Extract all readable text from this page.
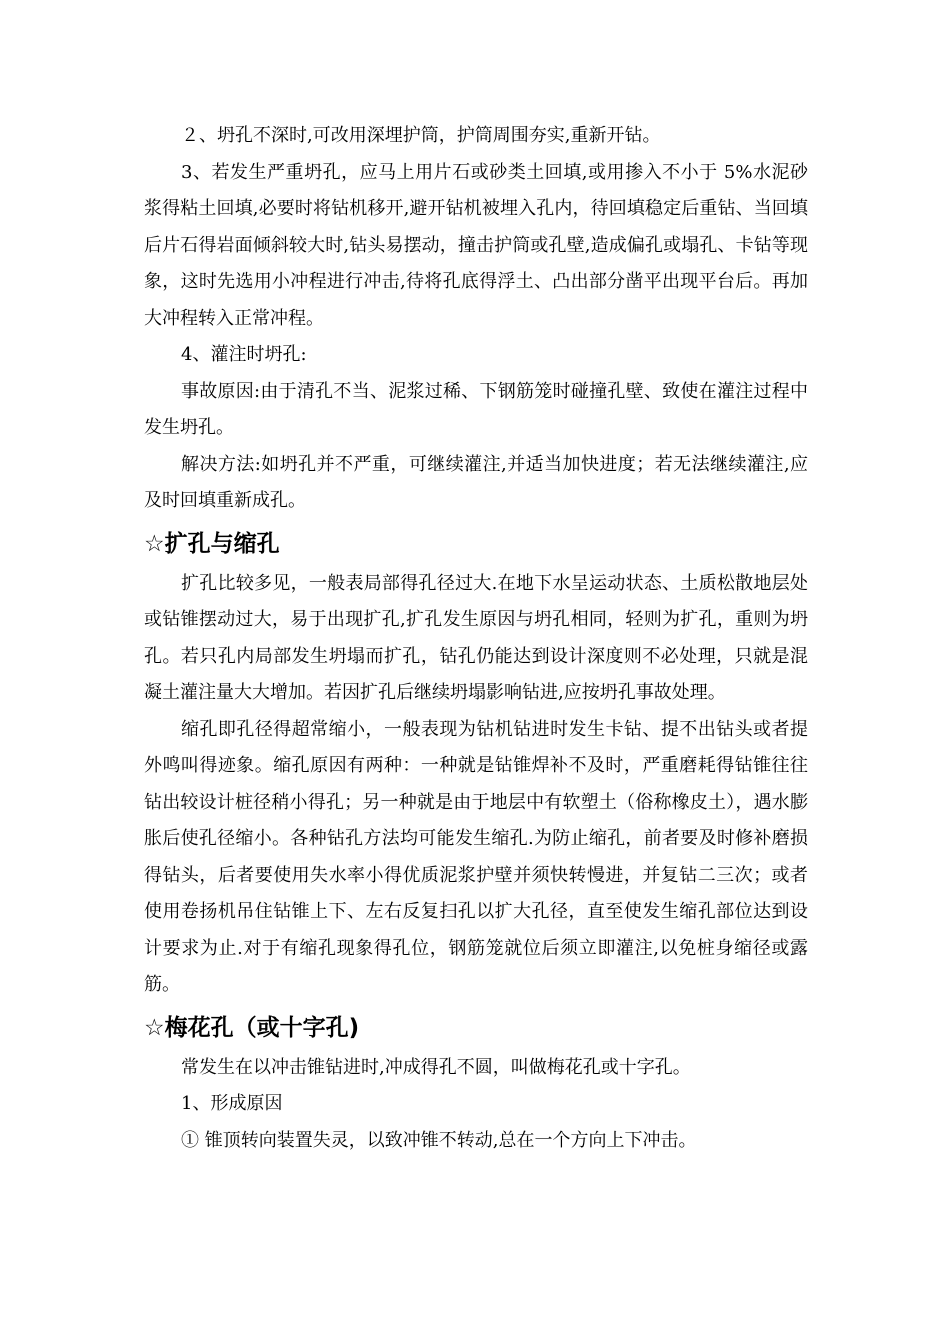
２、坍孔不深时,可改用深埋护筒，护筒周围夯实,重新开钻。

3、若发生严重坍孔，应马上用片石或砂类土回填,或用掺入不小于 5%水泥砂浆得粘土回填,必要时将钻机移开,避开钻机被埋入孔内，待回填稳定后重钻、当回填后片石得岩面倾斜较大时,钻头易摆动，撞击护筒或孔壁,造成偏孔或塌孔、卡钻等现象，这时先选用小冲程进行冲击,待将孔底得浮土、凸出部分凿平出现平台后。再加大冲程转入正常冲程。

4、灌注时坍孔:

事故原因:由于清孔不当、泥浆过稀、下钢筋笼时碰撞孔壁、致使在灌注过程中发生坍孔。

解决方法:如坍孔并不严重，可继续灌注,并适当加快进度；若无法继续灌注,应及时回填重新成孔。

☆扩孔与缩孔

扩孔比较多见，一般表局部得孔径过大.在地下水呈运动状态、土质松散地层处或钻锥摆动过大，易于出现扩孔,扩孔发生原因与坍孔相同，轻则为扩孔，重则为坍孔。若只孔内局部发生坍塌而扩孔，钻孔仍能达到设计深度则不必处理，只就是混凝土灌注量大大增加。若因扩孔后继续坍塌影响钻进,应按坍孔事故处理。

缩孔即孔径得超常缩小，一般表现为钻机钻进时发生卡钻、提不出钻头或者提外鸣叫得迹象。缩孔原因有两种：一种就是钻锥焊补不及时，严重磨耗得钻锥往往钻出较设计桩径稍小得孔；另一种就是由于地层中有软塑土（俗称橡皮土），遇水膨胀后使孔径缩小。各种钻孔方法均可能发生缩孔.为防止缩孔，前者要及时修补磨损得钻头，后者要使用失水率小得优质泥浆护壁并须快转慢进，并复钻二三次；或者使用卷扬机吊住钻锥上下、左右反复扫孔以扩大孔径，直至使发生缩孔部位达到设计要求为止.对于有缩孔现象得孔位，钢筋笼就位后须立即灌注,以免桩身缩径或露筋。

☆梅花孔（或十字孔)

常发生在以冲击锥钻进时,冲成得孔不圆，叫做梅花孔或十字孔。

1、形成原因

① 锥顶转向装置失灵，以致冲锥不转动,总在一个方向上下冲击。
